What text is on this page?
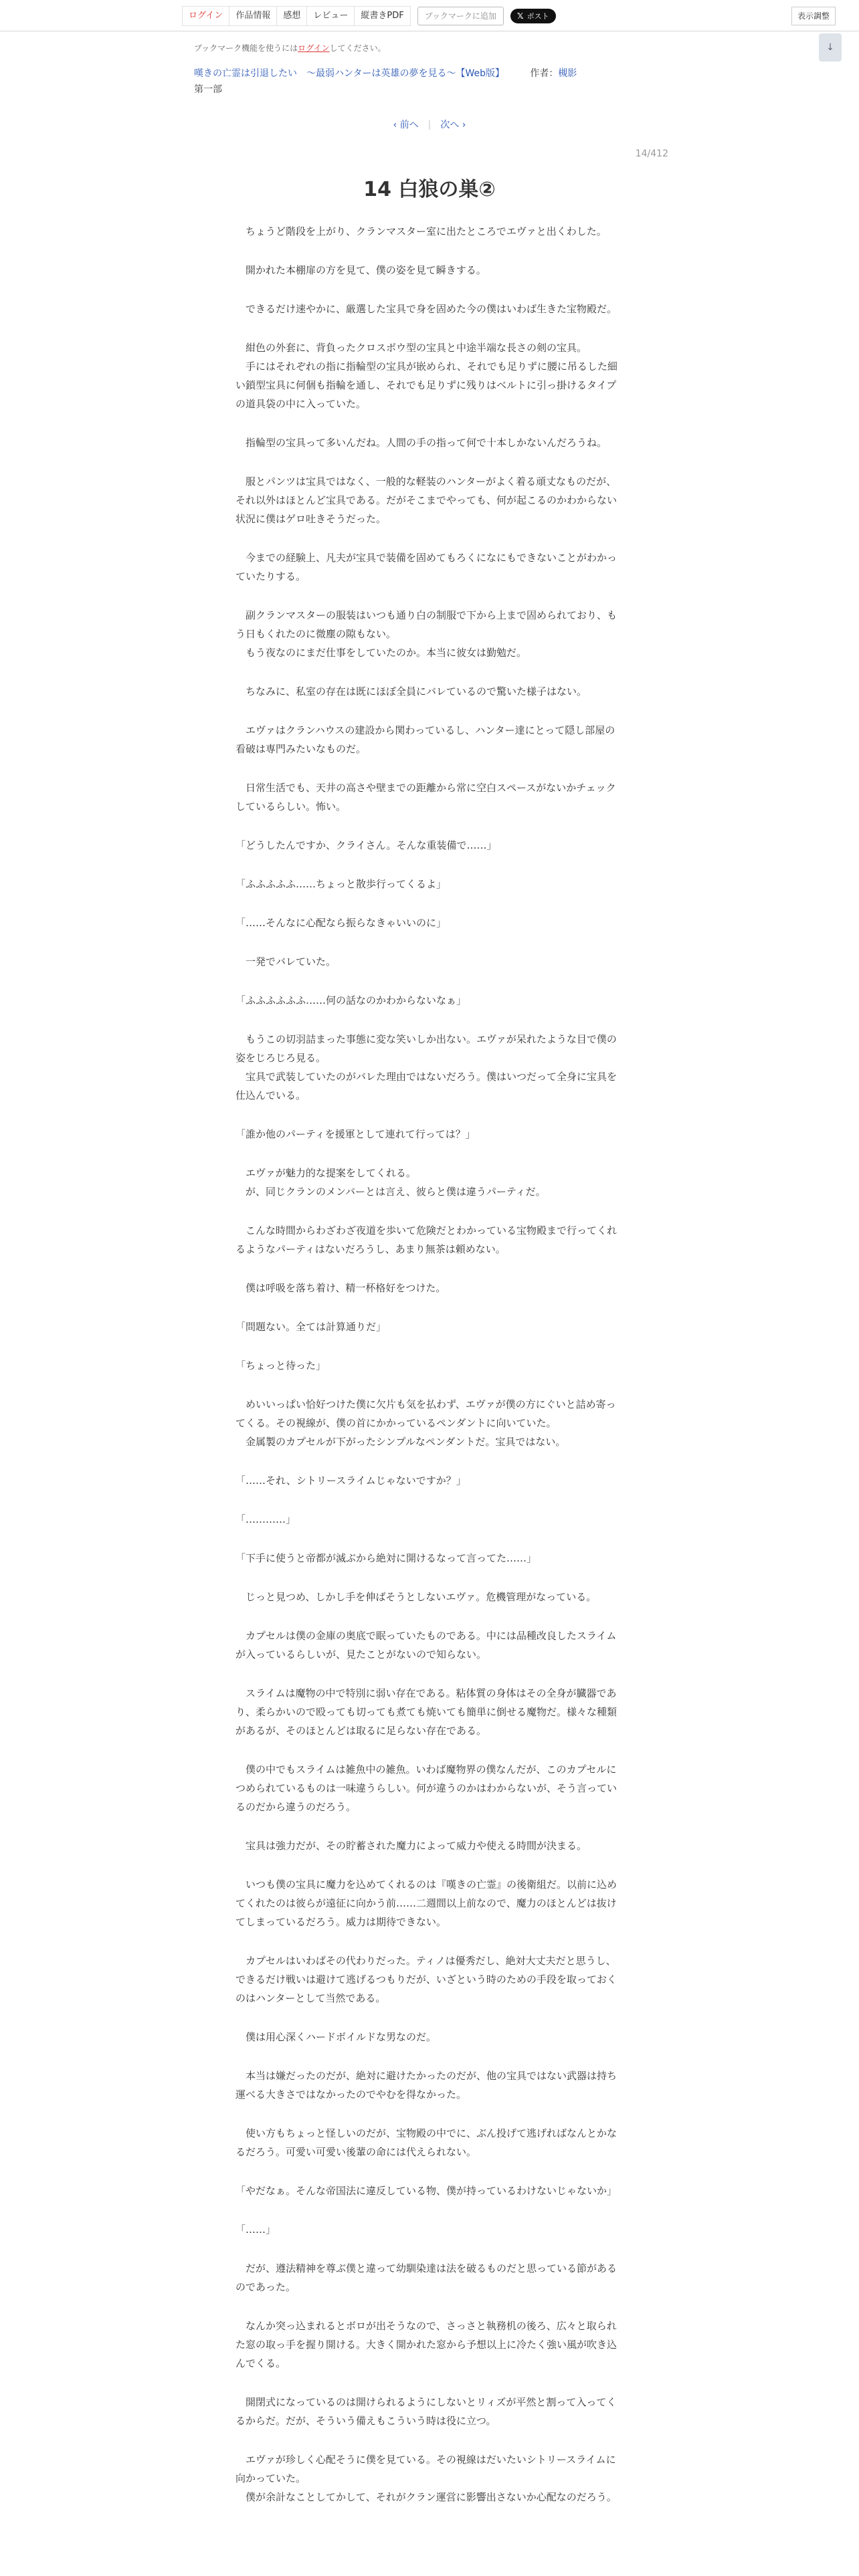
ログイン	作品情報	感想	レビュー	縦書きPDF	ブックマークに追加	𝕏 ポスト	表示調整
ブックマーク機能を使うにはログインしてください。	↓
嘆きの亡霊は引退したい　～最弱ハンターは英雄の夢を見る～【Web版】	作者：槻影
第一部
‹ 前へ | 次へ ›
14/412
14 白狼の巣②

　ちょうど階段を上がり、クランマスター室に出たところでエヴァと出くわした。

　開かれた本棚扉の方を見て、僕の姿を見て瞬きする。

　できるだけ速やかに、厳選した宝具で身を固めた今の僕はいわば生きた宝物殿だ。

　紺色の外套に、背負ったクロスボウ型の宝具と中途半端な長さの剣の宝具。
　手にはそれぞれの指に指輪型の宝具が嵌められ、それでも足りずに腰に吊るした細い鎖型宝具に何個も指輪を通し、それでも足りずに残りはベルトに引っ掛けるタイプの道具袋の中に入っていた。

　指輪型の宝具って多いんだね。人間の手の指って何で十本しかないんだろうね。

　服とパンツは宝具ではなく、一般的な軽装のハンターがよく着る頑丈なものだが、それ以外はほとんど宝具である。だがそこまでやっても、何が起こるのかわからない状況に僕はゲロ吐きそうだった。

　今までの経験上、凡夫が宝具で装備を固めてもろくになにもできないことがわかっていたりする。

　副クランマスターの服装はいつも通り白の制服で下から上まで固められており、もう日もくれたのに微塵の隙もない。
　もう夜なのにまだ仕事をしていたのか。本当に彼女は勤勉だ。

　ちなみに、私室の存在は既にほぼ全員にバレているので驚いた様子はない。

　エヴァはクランハウスの建設から関わっているし、ハンター達にとって隠し部屋の看破は専門みたいなものだ。

　日常生活でも、天井の高さや壁までの距離から常に空白スペースがないかチェックしているらしい。怖い。

「どうしたんですか、クライさん。そんな重装備で……」

「ふふふふふ……ちょっと散歩行ってくるよ」

「……そんなに心配なら振らなきゃいいのに」

　一発でバレていた。

「ふふふふふふ……何の話なのかわからないなぁ」

　もうこの切羽詰まった事態に変な笑いしか出ない。エヴァが呆れたような目で僕の姿をじろじろ見る。
　宝具で武装していたのがバレた理由ではないだろう。僕はいつだって全身に宝具を仕込んでいる。

「誰か他のパーティを援軍として連れて行っては？」

　エヴァが魅力的な提案をしてくれる。
　が、同じクランのメンバーとは言え、彼らと僕は違うパーティだ。

　こんな時間からわざわざ夜道を歩いて危険だとわかっている宝物殿まで行ってくれるようなパーティはないだろうし、あまり無茶は頼めない。

　僕は呼吸を落ち着け、精一杯格好をつけた。

「問題ない。全ては計算通りだ」

「ちょっと待った」

　めいいっぱい恰好つけた僕に欠片も気を払わず、エヴァが僕の方にぐいと詰め寄ってくる。その視線が、僕の首にかかっているペンダントに向いていた。
　金属製のカプセルが下がったシンプルなペンダントだ。宝具ではない。

「……それ、シトリースライムじゃないですか？」

「…………」

「下手に使うと帝都が滅ぶから絶対に開けるなって言ってた……」

　じっと見つめ、しかし手を伸ばそうとしないエヴァ。危機管理がなっている。

　カプセルは僕の金庫の奥底で眠っていたものである。中には品種改良したスライムが入っているらしいが、見たことがないので知らない。

　スライムは魔物の中で特別に弱い存在である。粘体質の身体はその全身が臓器であり、柔らかいので殴っても切っても煮ても焼いても簡単に倒せる魔物だ。様々な種類があるが、そのほとんどは取るに足らない存在である。

　僕の中でもスライムは雑魚中の雑魚。いわば魔物界の僕なんだが、このカプセルにつめられているものは一味違うらしい。何が違うのかはわからないが、そう言っているのだから違うのだろう。

　宝具は強力だが、その貯蓄された魔力によって威力や使える時間が決まる。

　いつも僕の宝具に魔力を込めてくれるのは『嘆きの亡霊』の後衛組だ。以前に込めてくれたのは彼らが遠征に向かう前……二週間以上前なので、魔力のほとんどは抜けてしまっているだろう。威力は期待できない。

　カプセルはいわばその代わりだった。ティノは優秀だし、絶対大丈夫だと思うし、できるだけ戦いは避けて逃げるつもりだが、いざという時のための手段を取っておくのはハンターとして当然である。

　僕は用心深くハードボイルドな男なのだ。

　本当は嫌だったのだが、絶対に避けたかったのだが、他の宝具ではない武器は持ち運べる大きさではなかったのでやむを得なかった。

　使い方もちょっと怪しいのだが、宝物殿の中でに、ぶん投げて逃げればなんとかなるだろう。可愛い可愛い後輩の命には代えられない。

「やだなぁ。そんな帝国法に違反している物、僕が持っているわけないじゃないか」

「……」

　だが、遵法精神を尊ぶ僕と違って幼馴染達は法を破るものだと思っている節があるのであった。

　なんか突っ込まれるとボロが出そうなので、さっさと執務机の後ろ、広々と取られた窓の取っ手を握り開ける。大きく開かれた窓から予想以上に冷たく強い風が吹き込んでくる。

　開閉式になっているのは開けられるようにしないとリィズが平然と割って入ってくるからだ。だが、そういう備えもこういう時は役に立つ。

　エヴァが珍しく心配そうに僕を見ている。その視線はだいたいシトリースライムに向かっていた。
　僕が余計なことしてかして、それがクラン運営に影響出さないか心配なのだろう。
